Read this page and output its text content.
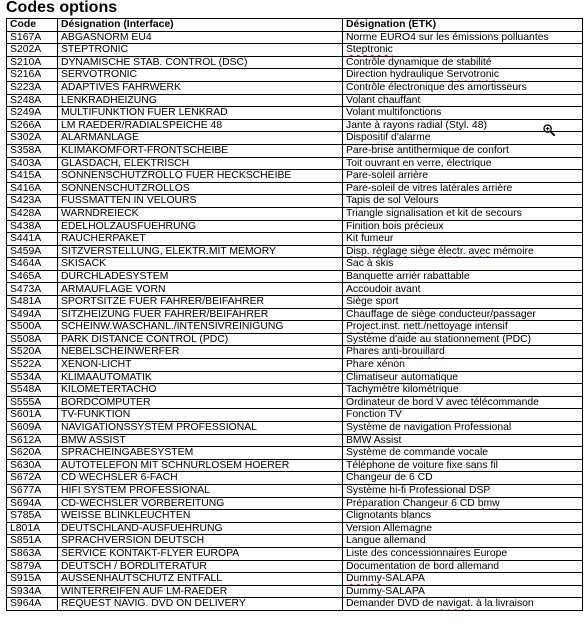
Codes options
Code	Désignation (Interface)	Désignation (ETK)
S167A	ABGASNORM EU4	Norme EURO4 sur les émissions polluantes
S202A	STEPTRONIC	Steptronic
S210A	DYNAMISCHE STAB. CONTROL (DSC)	Contrôle dynamique de stabilité
S216A	SERVOTRONIC	Direction hydraulique Servotronic
S223A	ADAPTIVES FAHRWERK	Contrôle électronique des amortisseurs
S248A	LENKRADHEIZUNG	Volant chauffant
S249A	MULTIFUNKTION FUER LENKRAD	Volant multifonctions
S266A	LM RAEDER/RADIALSPEICHE 48	Jante à rayons radial (Styl. 48)
S302A	ALARMANLAGE	Dispositif d'alarme
S358A	KLIMAKOMFORT-FRONTSCHEIBE	Pare-brise antithermique de confort
S403A	GLASDACH, ELEKTRISCH	Toit ouvrant en verre, électrique
S415A	SONNENSCHUTZROLLO FUER HECKSCHEIBE	Pare-soleil arrière
S416A	SONNENSCHUTZROLLOS	Pare-soleil de vitres latérales arrière
S423A	FUSSMATTEN IN VELOURS	Tapis de sol Velours
S428A	WARNDREIECK	Triangle signalisation et kit de secours
S438A	EDELHOLZAUSFUEHRUNG	Finition bois précieux
S441A	RAUCHERPAKET	Kit fumeur
S459A	SITZVERSTELLUNG, ELEKTR.MIT MEMORY	Disp. réglage siège électr. avec mémoire
S464A	SKISACK	Sac à skis
S465A	DURCHLADESYSTEM	Banquette arrièr rabattable
S473A	ARMAUFLAGE VORN	Accoudoir avant
S481A	SPORTSITZE FUER FAHRER/BEIFAHRER	Siège sport
S494A	SITZHEIZUNG FUER FAHRER/BEIFAHRER	Chauffage de siège conducteur/passager
S500A	SCHEINW.WASCHANL./INTENSIVREINIGUNG	Project.inst. nett./nettoyage intensif
S508A	PARK DISTANCE CONTROL (PDC)	Système d'aide au stationnement (PDC)
S520A	NEBELSCHEINWERFER	Phares anti-brouillard
S522A	XENON-LICHT	Phare xénon
S534A	KLIMAAUTOMATIK	Climatiseur automatique
S548A	KILOMETERTACHO	Tachymètre kilométrique
S555A	BORDCOMPUTER	Ordinateur de bord V avec télécommande
S601A	TV-FUNKTION	Fonction TV
S609A	NAVIGATIONSSYSTEM PROFESSIONAL	Système de navigation Professional
S612A	BMW ASSIST	BMW Assist
S620A	SPRACHEINGABESYSTEM	Système de commande vocale
S630A	AUTOTELEFON MIT SCHNURLOSEM HOERER	Téléphone de voiture fixe sans fil
S672A	CD WECHSLER 6-FACH	Changeur de 6 CD
S677A	HIFI SYSTEM PROFESSIONAL	Système hi-fi Professional DSP
S694A	CD-WECHSLER VORBEREITUNG	Préparation Changeur 6 CD bmw
S785A	WEISSE BLINKLEUCHTEN	Clignotants blancs
L801A	DEUTSCHLAND-AUSFUEHRUNG	Version Allemagne
S851A	SPRACHVERSION DEUTSCH	Langue allemand
S863A	SERVICE KONTAKT-FLYER EUROPA	Liste des concessionnaires Europe
S879A	DEUTSCH / BORDLITERATUR	Documentation de bord allemand
S915A	AUSSENHAUTSCHUTZ ENTFALL	Dummy-SALAPA
S934A	WINTERREIFEN AUF LM-RAEDER	Dummy-SALAPA
S964A	REQUEST NAVIG. DVD ON DELIVERY	Demander DVD de navigat. à la livraison
